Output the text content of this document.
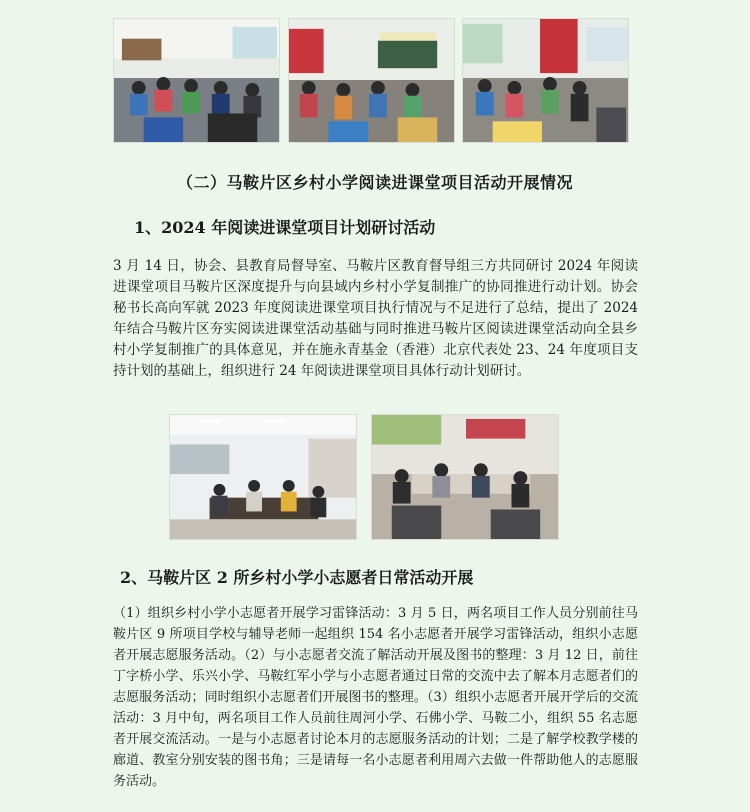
（二）马鞍片区乡村小学阅读进课堂项目活动开展情况
1、2024 年阅读进课堂项目计划研讨活动

3 月 14 日，协会、县教育局督导室、马鞍片区教育督导组三方共同研讨 2024 年阅读进课堂项目马鞍片区深度提升与向县域内乡村小学复制推广的协同推进行动计划。协会秘书长高向军就 2023 年度阅读进课堂项目执行情况与不足进行了总结，提出了 2024 年结合马鞍片区夯实阅读进课堂活动基础与同时推进马鞍片区阅读进课堂活动向全县乡村小学复制推广的具体意见，并在施永青基金（香港）北京代表处 23、24 年度项目支持计划的基础上，组织进行 24 年阅读进课堂项目具体行动计划研讨。

2、马鞍片区 2 所乡村小学小志愿者日常活动开展

（1）组织乡村小学小志愿者开展学习雷锋活动：3 月 5 日，两名项目工作人员分别前往马鞍片区 9 所项目学校与辅导老师一起组织 154 名小志愿者开展学习雷锋活动，组织小志愿者开展志愿服务活动。（2）与小志愿者交流了解活动开展及图书的整理：3 月 12 日，前往丁字桥小学、乐兴小学、马鞍红军小学与小志愿者通过日常的交流中去了解本月志愿者们的志愿服务活动；同时组织小志愿者们开展图书的整理。（3）组织小志愿者开展开学后的交流活动：3 月中旬，两名项目工作人员前往周河小学、石佛小学、马鞍二小，组织 55 名志愿者开展交流活动。一是与小志愿者讨论本月的志愿服务活动的计划；二是了解学校教学楼的廊道、教室分别安装的图书角；三是请每一名小志愿者利用周六去做一件帮助他人的志愿服务活动。
